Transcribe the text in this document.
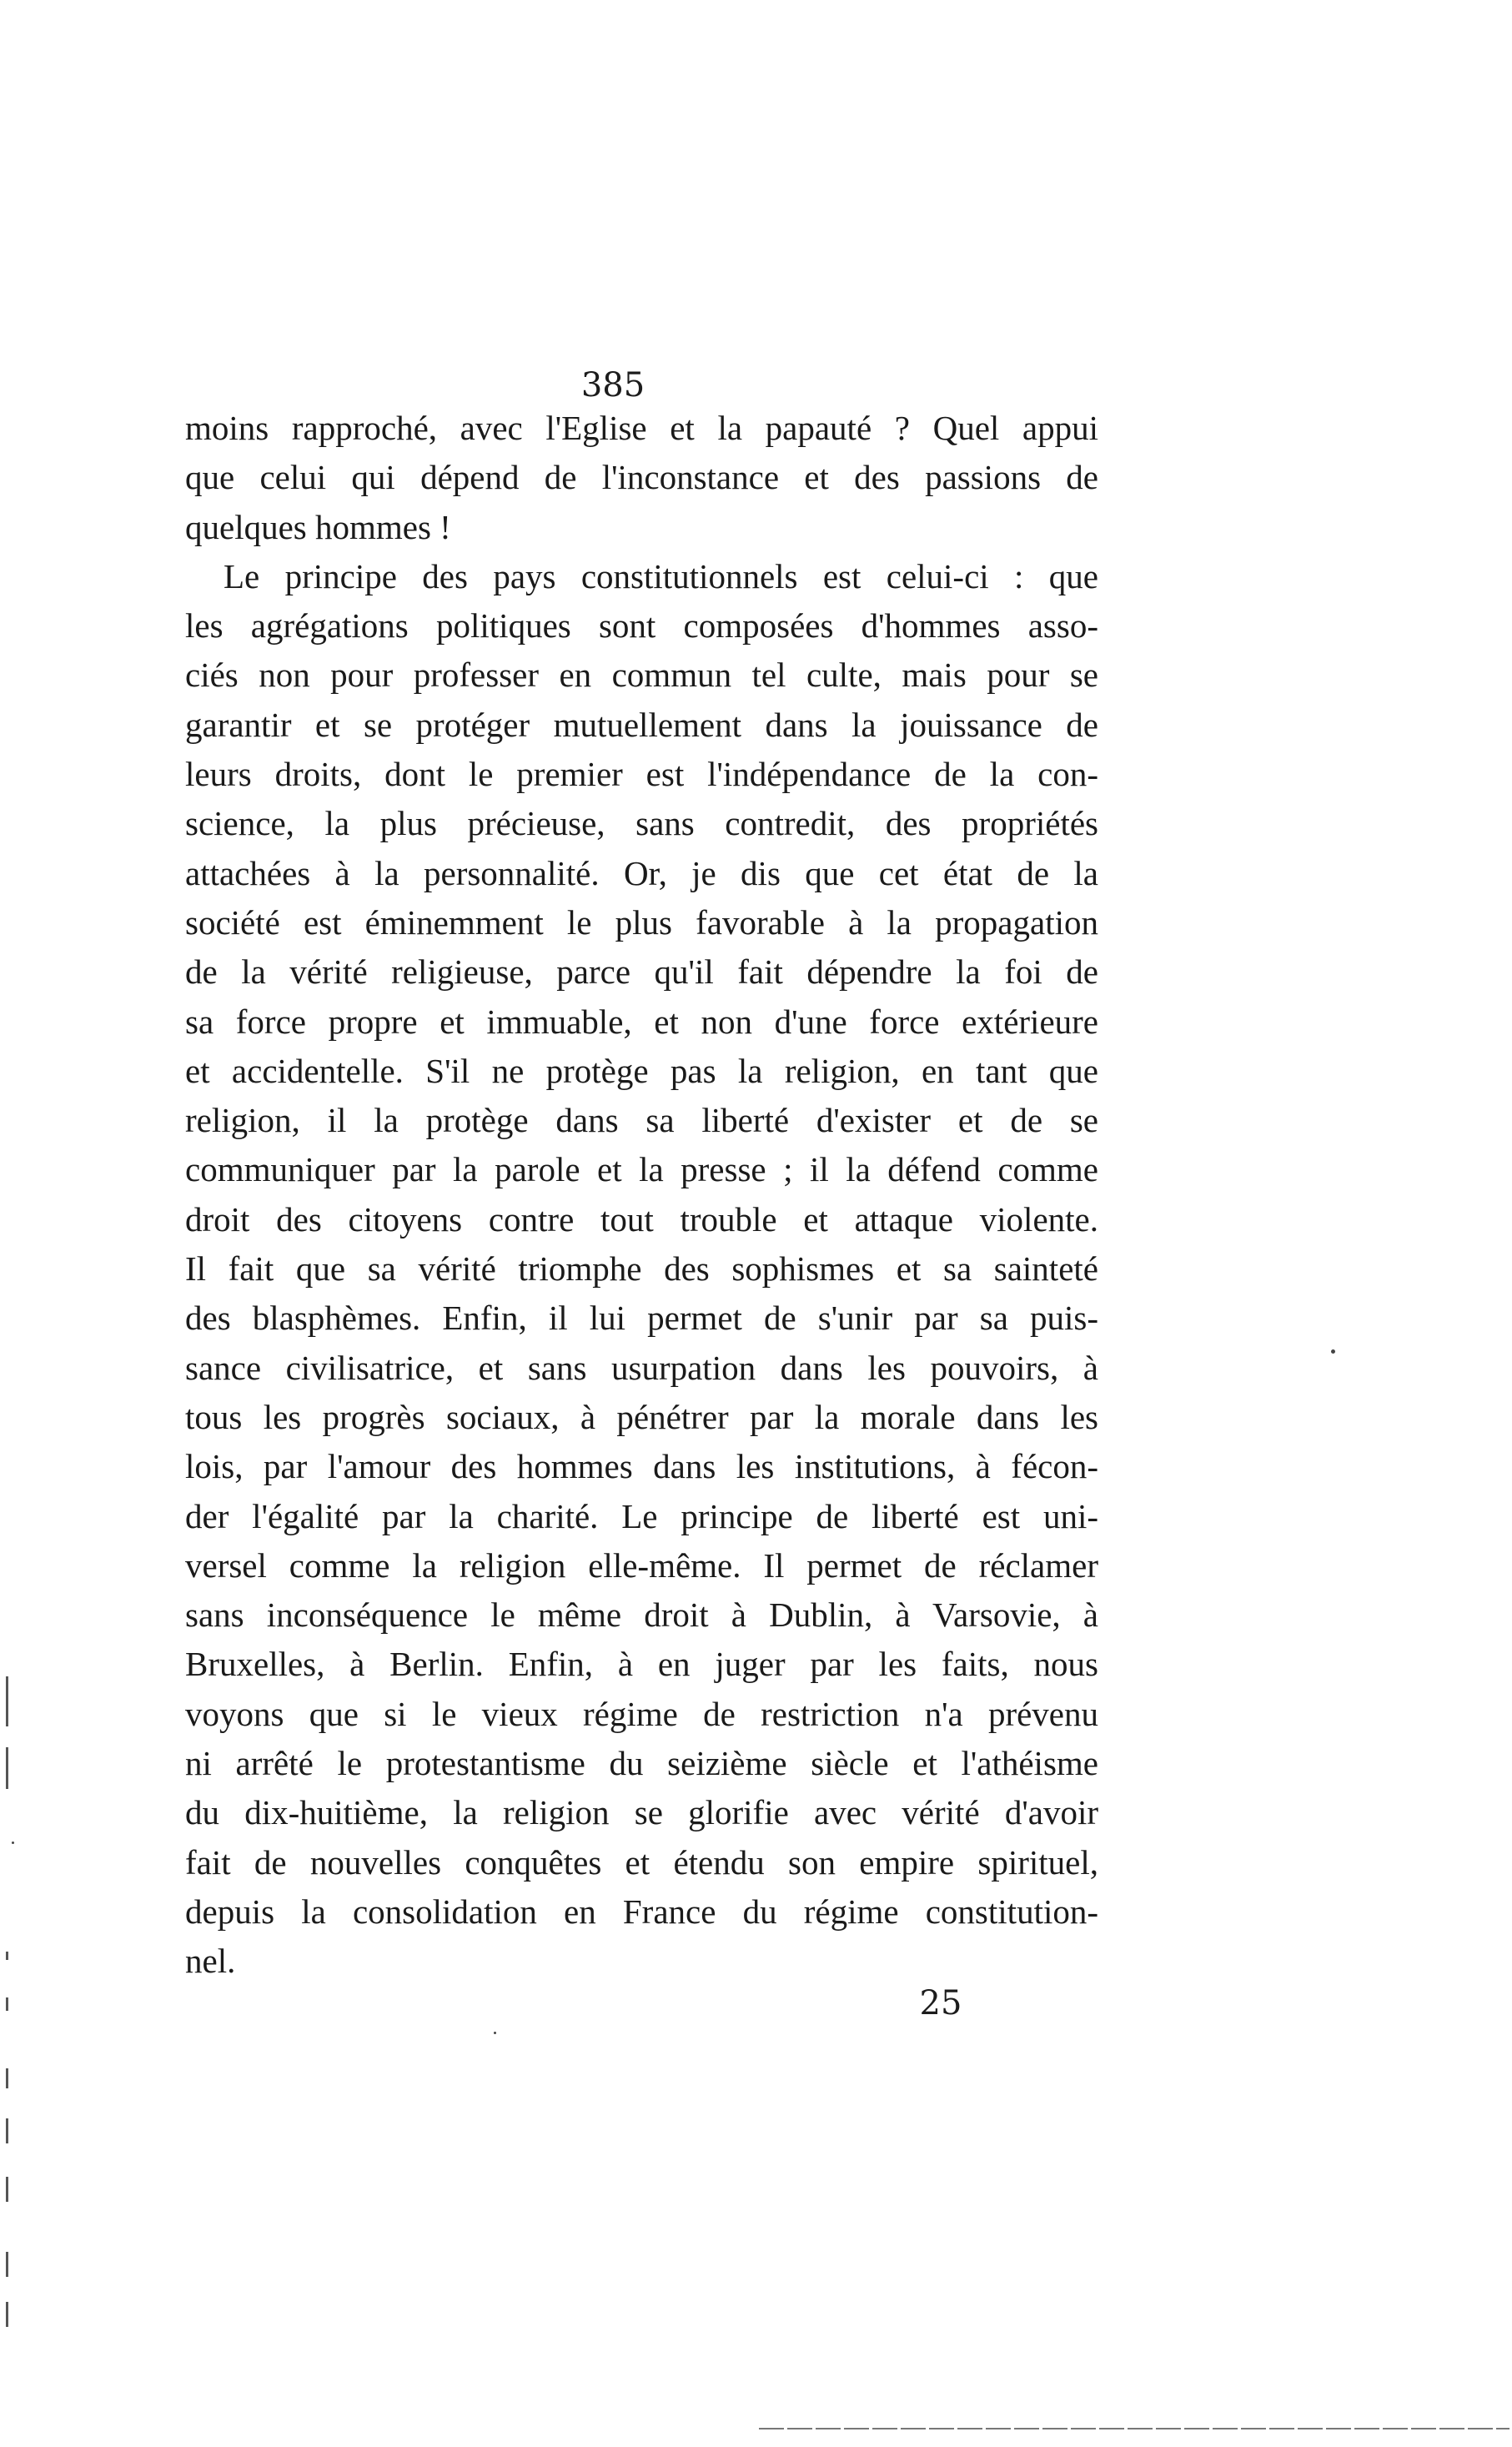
385
moins rapproché, avec l'Eglise et la papauté ? Quel appui
que celui qui dépend de l'inconstance et des passions de
quelques hommes !
Le principe des pays constitutionnels est celui-ci : que
les agrégations politiques sont composées d'hommes asso-
ciés non pour professer en commun tel culte, mais pour se
garantir et se protéger mutuellement dans la jouissance de
leurs droits, dont le premier est l'indépendance de la con-
science, la plus précieuse, sans contredit, des propriétés
attachées à la personnalité. Or, je dis que cet état de la
société est éminemment le plus favorable à la propagation
de la vérité religieuse, parce qu'il fait dépendre la foi de
sa force propre et immuable, et non d'une force extérieure
et accidentelle. S'il ne protège pas la religion, en tant que
religion, il la protège dans sa liberté d'exister et de se
communiquer par la parole et la presse ; il la défend comme
droit des citoyens contre tout trouble et attaque violente.
Il fait que sa vérité triomphe des sophismes et sa sainteté
des blasphèmes. Enfin, il lui permet de s'unir par sa puis-
sance civilisatrice, et sans usurpation dans les pouvoirs, à
tous les progrès sociaux, à pénétrer par la morale dans les
lois, par l'amour des hommes dans les institutions, à fécon-
der l'égalité par la charité. Le principe de liberté est uni-
versel comme la religion elle-même. Il permet de réclamer
sans inconséquence le même droit à Dublin, à Varsovie, à
Bruxelles, à Berlin. Enfin, à en juger par les faits, nous
voyons que si le vieux régime de restriction n'a prévenu
ni arrêté le protestantisme du seizième siècle et l'athéisme
du dix-huitième, la religion se glorifie avec vérité d'avoir
fait de nouvelles conquêtes et étendu son empire spirituel,
depuis la consolidation en France du régime constitution-
nel.
25
